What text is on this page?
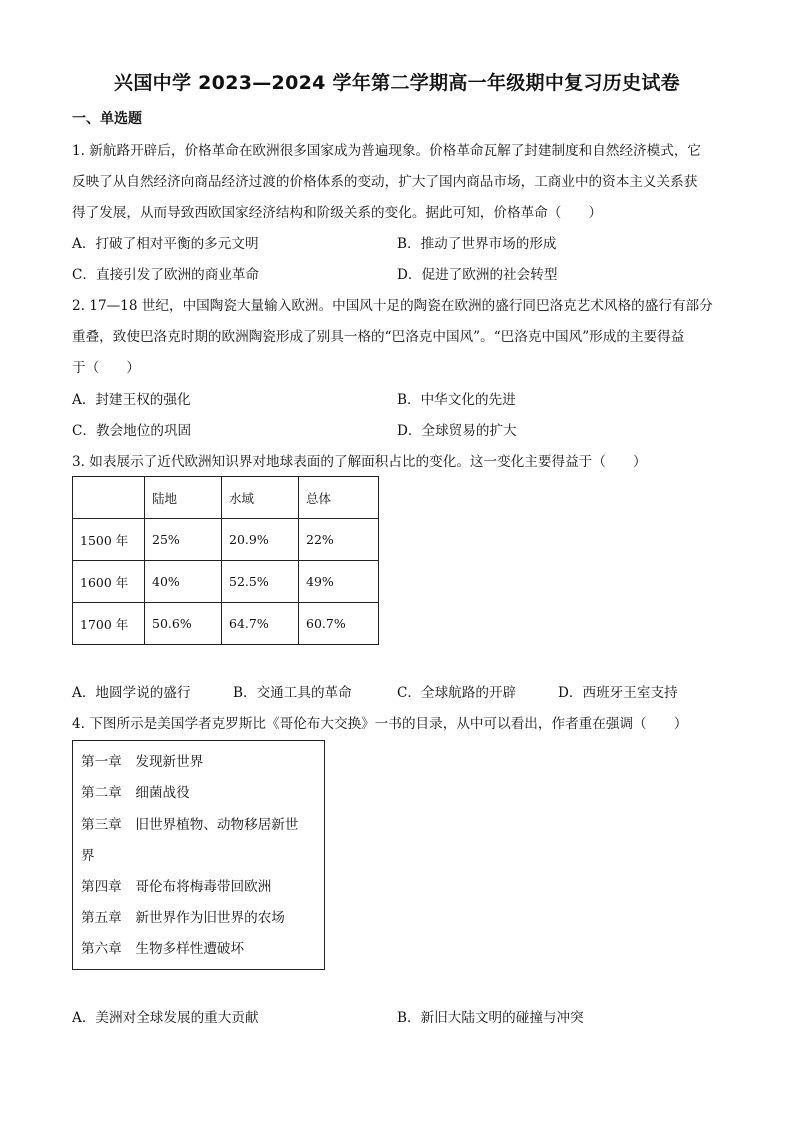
兴国中学 2023—2024 学年第二学期高一年级期中复习历史试卷
一、单选题
1. 新航路开辟后，价格革命在欧洲很多国家成为普遍现象。价格革命瓦解了封建制度和自然经济模式，它
反映了从自然经济向商品经济过渡的价格体系的变动，扩大了国内商品市场，工商业中的资本主义关系获
得了发展，从而导致西欧国家经济结构和阶级关系的变化。据此可知，价格革命（　　）
A．打破了相对平衡的多元文明	B．推动了世界市场的形成
C．直接引发了欧洲的商业革命	D．促进了欧洲的社会转型
2. 17—18 世纪，中国陶瓷大量输入欧洲。中国风十足的陶瓷在欧洲的盛行同巴洛克艺术风格的盛行有部分
重叠，致使巴洛克时期的欧洲陶瓷形成了别具一格的“巴洛克中国风”。“巴洛克中国风”形成的主要得益
于（　　）
A．封建王权的强化	B．中华文化的先进
C．教会地位的巩固	D．全球贸易的扩大
3. 如表展示了近代欧洲知识界对地球表面的了解面积占比的变化。这一变化主要得益于（　　）
	陆地	水域	总体
1500 年	25%	20.9%	22%
1600 年	40%	52.5%	49%
1700 年	50.6%	64.7%	60.7%
A．地圆学说的盛行	B．交通工具的革命	C．全球航路的开辟	D．西班牙王室支持
4. 下图所示是美国学者克罗斯比《哥伦布大交换》一书的目录，从中可以看出，作者重在强调（　　）
第一章　发现新世界
第二章　细菌战役
第三章　旧世界植物、动物移居新世
界
第四章　哥伦布将梅毒带回欧洲
第五章　新世界作为旧世界的农场
第六章　生物多样性遭破坏
A．美洲对全球发展的重大贡献	B．新旧大陆文明的碰撞与冲突
